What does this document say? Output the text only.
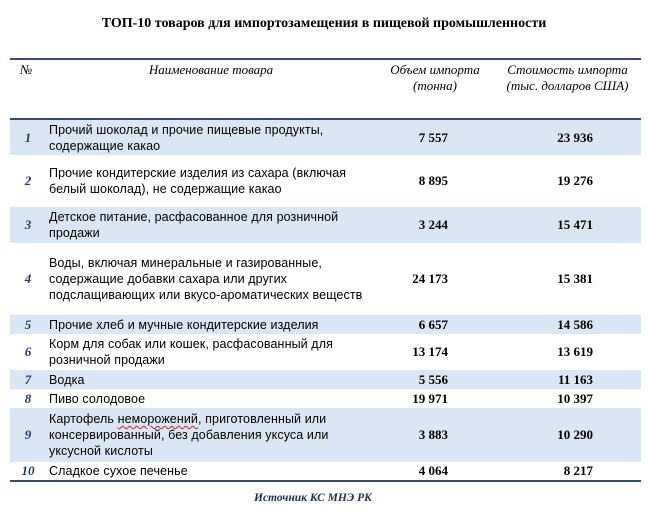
ТОП-10 товаров для импортозамещения в пищевой промышленности
№	Наименование товара	Объем импорта (тонна)	Стоимость импорта (тыс. долларов США)
1	Прочий шоколад и прочие пищевые продукты, содержащие какао	7 557	23 936
2	Прочие кондитерские изделия из сахара (включая белый шоколад), не содержащие какао	8 895	19 276
3	Детское питание, расфасованное для розничной продажи	3 244	15 471
4	Воды, включая минеральные и газированные, содержащие добавки сахара или других подслащивающих или вкусо-ароматических веществ	24 173	15 381
5	Прочие хлеб и мучные кондитерские изделия	6 657	14 586
6	Корм для собак или кошек, расфасованный для розничной продажи	13 174	13 619
7	Водка	5 556	11 163
8	Пиво солодовое	19 971	10 397
9	Картофель неморожений, приготовленный или консервированный, без добавления уксуса или уксусной кислоты	3 883	10 290
10	Сладкое сухое печенье	4 064	8 217
Источник КС МНЭ РК
